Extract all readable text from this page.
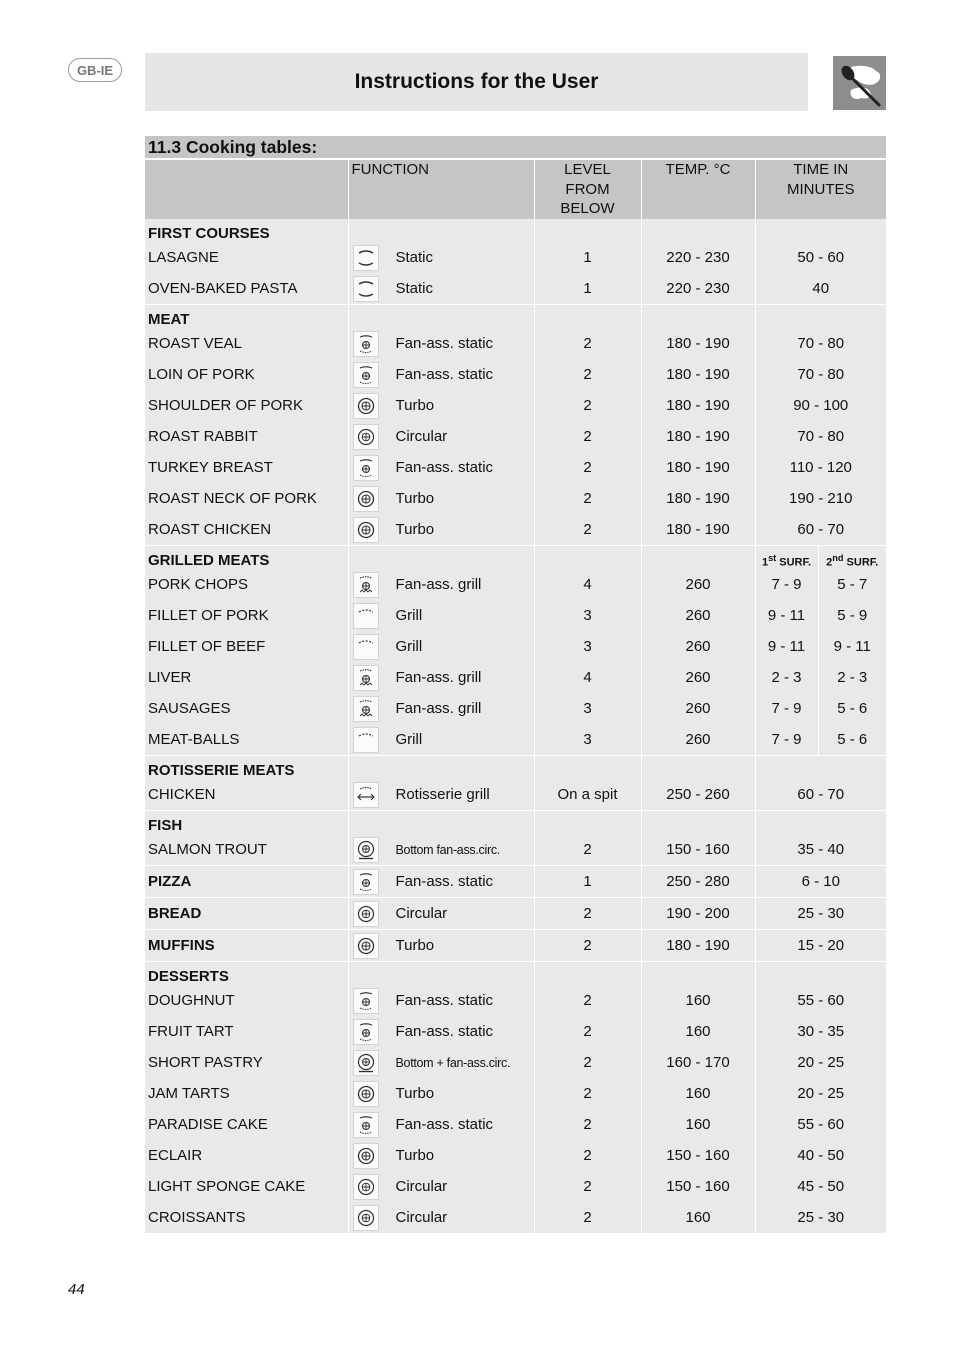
GB-IE	Instructions for the User
11.3 Cooking tables:
	FUNCTION	LEVEL
FROM
BELOW	TEMP. °C	TIME IN
MINUTES	
FIRST COURSES					
LASAGNE	Static	1	220 - 230	50 - 60	
OVEN-BAKED PASTA	Static	1	220 - 230	40	
MEAT					
ROAST VEAL	Fan-ass. static	2	180 - 190	70 - 80	
LOIN OF PORK	Fan-ass. static	2	180 - 190	70 - 80	
SHOULDER OF PORK	Turbo	2	180 - 190	90 - 100	
ROAST RABBIT	Circular	2	180 - 190	70 - 80	
TURKEY BREAST	Fan-ass. static	2	180 - 190	110 - 120	
ROAST NECK OF PORK	Turbo	2	180 - 190	190 - 210	
ROAST CHICKEN	Turbo	2	180 - 190	60 - 70	
GRILLED MEATS				1st SURF.	2nd SURF.
PORK CHOPS	Fan-ass. grill	4	260	7 - 9	5 - 7
FILLET OF PORK	Grill	3	260	9 - 11	5 - 9
FILLET OF BEEF	Grill	3	260	9 - 11	9 - 11
LIVER	Fan-ass. grill	4	260	2 - 3	2 - 3
SAUSAGES	Fan-ass. grill	3	260	7 - 9	5 - 6
MEAT-BALLS	Grill	3	260	7 - 9	5 - 6
ROTISSERIE MEATS					
CHICKEN	Rotisserie grill	On a spit	250 - 260	60 - 70	
FISH					
SALMON TROUT	Bottom fan-ass.circ.	2	150 - 160	35 - 40	
PIZZA	Fan-ass. static	1	250 - 280	6 - 10	
BREAD	Circular	2	190 - 200	25 - 30	
MUFFINS	Turbo	2	180 - 190	15 - 20	
DESSERTS					
DOUGHNUT	Fan-ass. static	2	160	55 - 60	
FRUIT TART	Fan-ass. static	2	160	30 - 35	
SHORT PASTRY	Bottom + fan-ass.circ.	2	160 - 170	20 - 25	
JAM TARTS	Turbo	2	160	20 - 25	
PARADISE CAKE	Fan-ass. static	2	160	55 - 60	
ECLAIR	Turbo	2	150 - 160	40 - 50	
LIGHT SPONGE CAKE	Circular	2	150 - 160	45 - 50	
CROISSANTS	Circular	2	160	25 - 30	
44
